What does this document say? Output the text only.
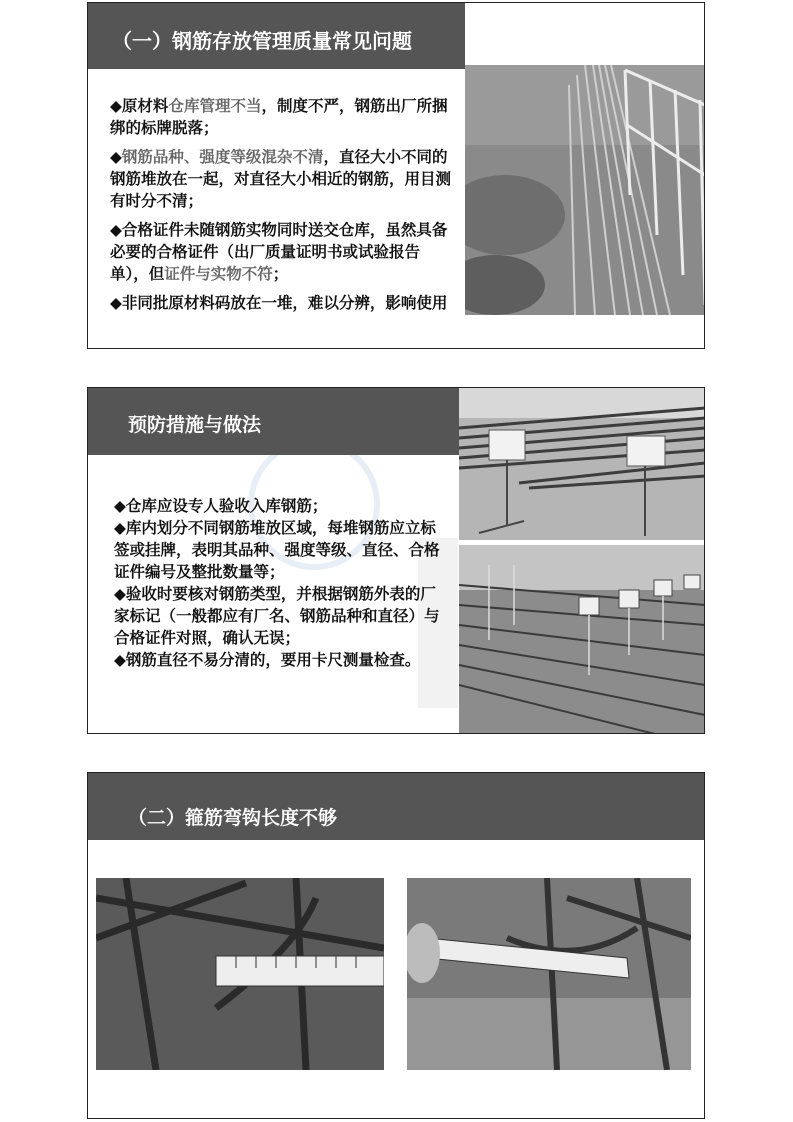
（一）钢筋存放管理质量常见问题

◆原材料仓库管理不当，制度不严，钢筋出厂所捆绑的标牌脱落；

◆钢筋品种、强度等级混杂不清，直径大小不同的钢筋堆放在一起，对直径大小相近的钢筋，用目测有时分不清；

◆合格证件未随钢筋实物同时送交仓库，虽然具备必要的合格证件（出厂质量证明书或试验报告单），但证件与实物不符；

◆非同批原材料码放在一堆，难以分辨，影响使用

预防措施与做法

◆仓库应设专人验收入库钢筋；

◆库内划分不同钢筋堆放区域，每堆钢筋应立标签或挂牌，表明其品种、强度等级、直径、合格证件编号及整批数量等；

◆验收时要核对钢筋类型，并根据钢筋外表的厂家标记（一般都应有厂名、钢筋品种和直径）与合格证件对照，确认无误；

◆钢筋直径不易分清的，要用卡尺测量检查。

（二）箍筋弯钩长度不够
